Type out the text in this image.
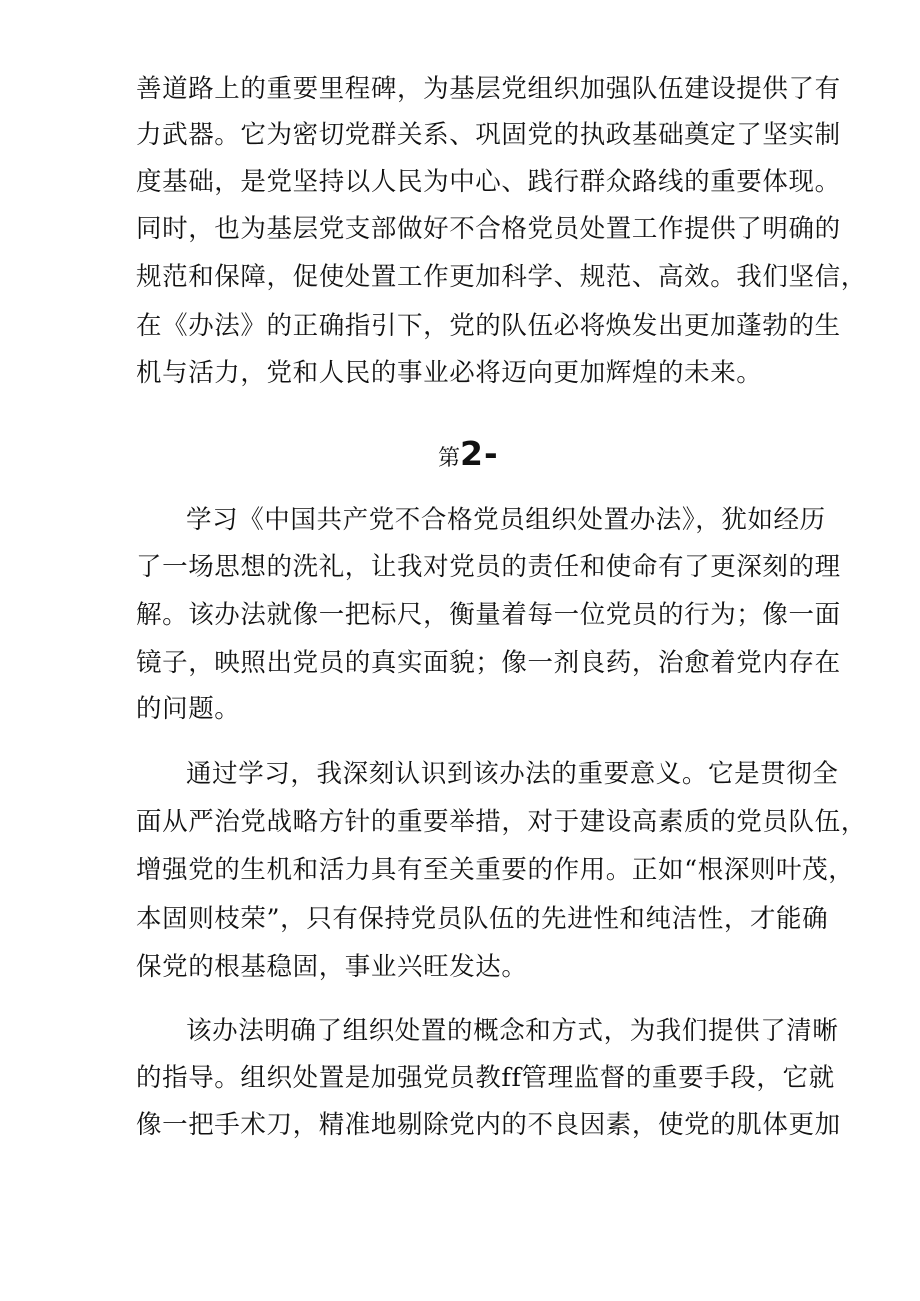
善道路上的重要里程碑，为基层党组织加强队伍建设提供了有
力武器。它为密切党群关系、巩固党的执政基础奠定了坚实制
度基础，是党坚持以人民为中心、践行群众路线的重要体现。
同时，也为基层党支部做好不合格党员处置工作提供了明确的
规范和保障，促使处置工作更加科学、规范、高效。我们坚信，
在《办法》的正确指引下，党的队伍必将焕发出更加蓬勃的生
机与活力，党和人民的事业必将迈向更加辉煌的未来。
第2-
学习《中国共产党不合格党员组织处置办法》，犹如经历
了一场思想的洗礼，让我对党员的责任和使命有了更深刻的理
解。该办法就像一把标尺，衡量着每一位党员的行为；像一面
镜子，映照出党员的真实面貌；像一剂良药，治愈着党内存在
的问题。
通过学习，我深刻认识到该办法的重要意义。它是贯彻全
面从严治党战略方针的重要举措，对于建设高素质的党员队伍，
增强党的生机和活力具有至关重要的作用。正如“根深则叶茂，
本固则枝荣”，只有保持党员队伍的先进性和纯洁性，才能确
保党的根基稳固，事业兴旺发达。
该办法明确了组织处置的概念和方式，为我们提供了清晰
的指导。组织处置是加强党员教ff管理监督的重要手段，它就
像一把手术刀，精准地剔除党内的不良因素，使党的肌体更加
